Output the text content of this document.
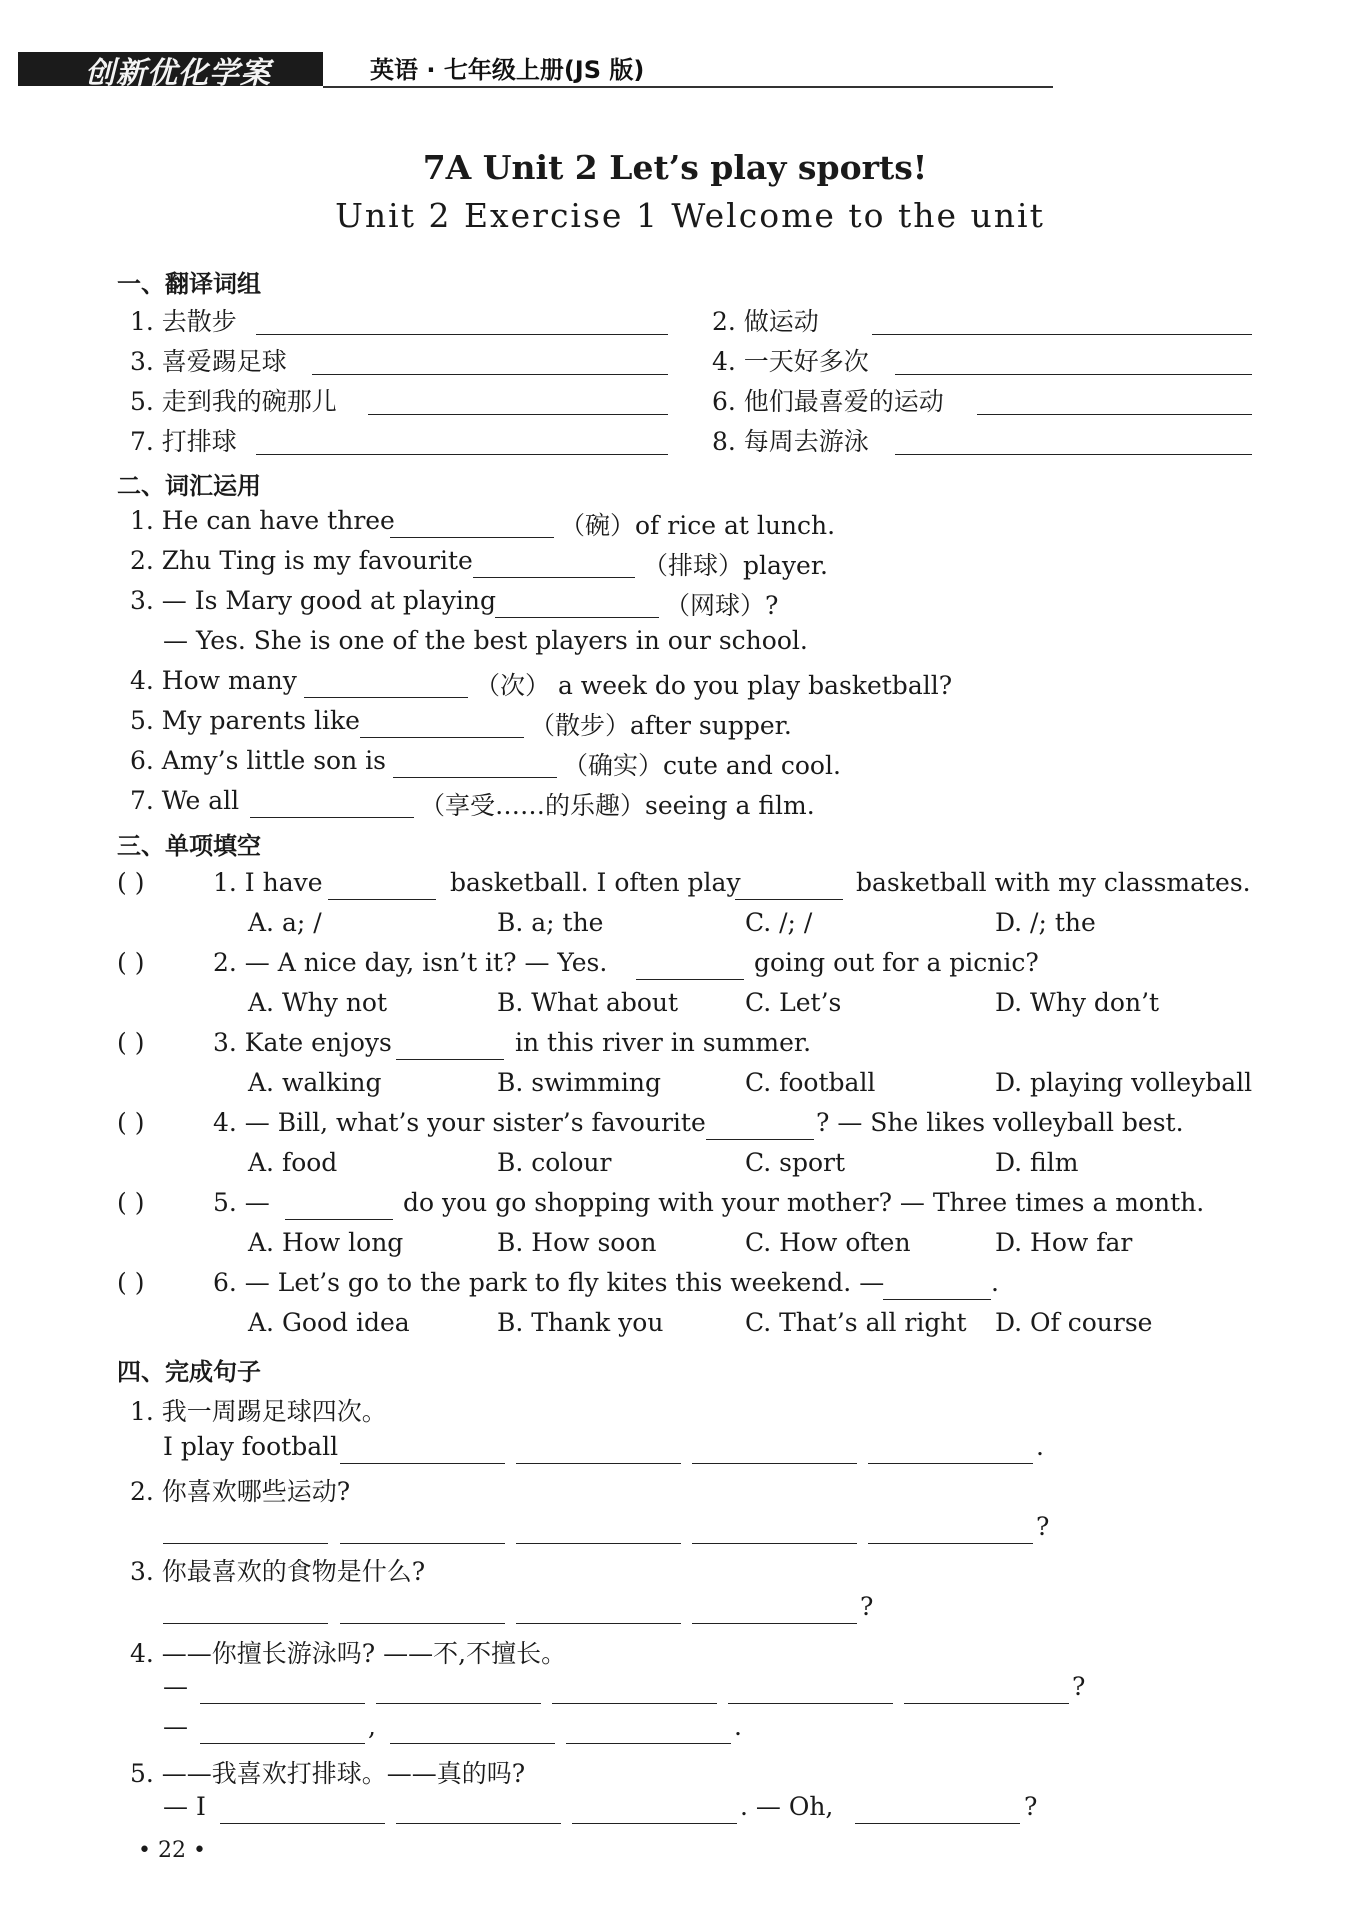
创新优化学案	英语 · 七年级上册(JS 版)
7A Unit 2 Let’s play sports!
Unit 2 Exercise 1 Welcome to the unit
一、翻译词组
1. 去散步	2. 做运动
3. 喜爱踢足球	4. 一天好多次
5. 走到我的碗那儿	6. 他们最喜爱的运动
7. 打排球	8. 每周去游泳
二、词汇运用
1. He can have three	（碗）of rice at lunch.
2. Zhu Ting is my favourite	（排球）player.
3. — Is Mary good at playing	（网球）?
— Yes. She is one of the best players in our school.
4. How many	（次） a week do you play basketball?
5. My parents like	（散步）after supper.
6. Amy’s little son is	（确实）cute and cool.
7. We all	（享受……的乐趣）seeing a film.
三、单项填空
( )	1. I have	basketball. I often play	basketball with my classmates.
A. a; /	B. a; the	C. /; /	D. /; the
( )	2. — A nice day, isn’t it? — Yes.	going out for a picnic?
A. Why not	B. What about	C. Let’s	D. Why don’t
( )	3. Kate enjoys	in this river in summer.
A. walking	B. swimming	C. football	D. playing volleyball
( )	4. — Bill, what’s your sister’s favourite	? — She likes volleyball best.
A. food	B. colour	C. sport	D. film
( )	5. —	do you go shopping with your mother? — Three times a month.
A. How long	B. How soon	C. How often	D. How far
( )	6. — Let’s go to the park to fly kites this weekend. —	.
A. Good idea	B. Thank you	C. That’s all right D. Of course
四、完成句子
1. 我一周踢足球四次。
I play football	.
2. 你喜欢哪些运动?
?
3. 你最喜欢的食物是什么?
?
4. ——你擅长游泳吗? ——不,不擅长。
—	?
—	,	.
5. ——我喜欢打排球。——真的吗?
— I	. — Oh,	?
• 22 •
